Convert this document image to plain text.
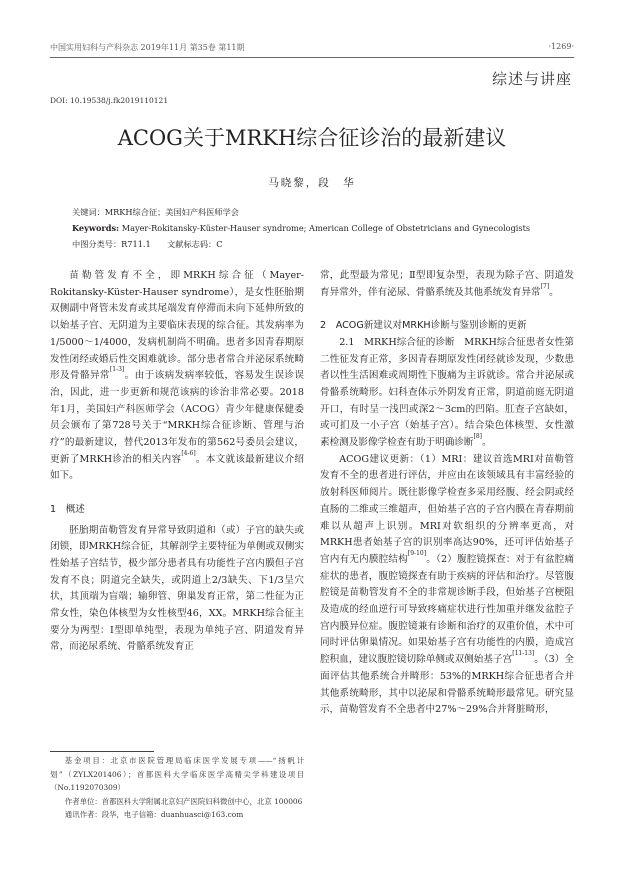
中国实用妇科与产科杂志 2019年11月 第35卷 第11期	·1269·
综述与讲座
DOI: 10.19538/j.fk2019110121
ACOG关于MRKH综合征诊治的最新建议
马晓黎，段　华
关键词：MRKH综合征；美国妇产科医师学会
Keywords: Mayer-Rokitansky-Küster-Hauser syndrome; American College of Obstetricians and Gynecologists
中图分类号：R711.1　　文献标志码：C

苗勒管发育不全，即MRKH综合征（Mayer-Rokitansky-Küster-Hauser syndrome），是女性胚胎期双侧副中肾管未发育或其尾端发育停滞而未向下延伸所致的以始基子宫、无阴道为主要临床表现的综合征。其发病率为1/5000～1/4000，发病机制尚不明确。患者多因青春期原发性闭经或婚后性交困难就诊。部分患者常合并泌尿系统畸形及骨骼异常[1-3]。由于该病发病率较低，容易发生误诊误治，因此，进一步更新和规范该病的诊治非常必要。2018年1月，美国妇产科医师学会（ACOG）青少年健康保健委员会颁布了第728号关于“MRKH综合征诊断、管理与治疗”的最新建议，替代2013年发布的第562号委员会建议，更新了MRKH诊治的相关内容[4-6]。本文就该最新建议介绍如下。

1　概述

胚胎期苗勒管发育异常导致阴道和（或）子宫的缺失或闭锁，即MRKH综合征，其解剖学主要特征为单侧或双侧实性始基子宫结节，极少部分患者具有功能性子宫内膜但子宫发育不良；阴道完全缺失，或阴道上2/3缺失、下1/3呈穴状，其顶端为盲端；输卵管、卵巢发育正常，第二性征为正常女性，染色体核型为女性核型46，XX。MRKH综合征主要分为两型：Ⅰ型即单纯型，表现为单纯子宫、阴道发育异常，而泌尿系统、骨骼系统发育正

常，此型最为常见；Ⅱ型即复杂型，表现为除子宫、阴道发育异常外，伴有泌尿、骨骼系统及其他系统发育异常[7]。

2　ACOG新建议对MRKH诊断与鉴别诊断的更新

2.1　MRKH综合征的诊断　MRKH综合征患者女性第二性征发育正常，多因青春期原发性闭经就诊发现，少数患者以性生活困难或周期性下腹痛为主诉就诊。常合并泌尿或骨骼系统畸形。妇科查体示外阴发育正常，阴道前庭无阴道开口，有时呈一浅凹或深2～3cm的凹陷。肛查子宫缺如，或可扪及一小子宫（始基子宫）。结合染色体核型、女性激素检测及影像学检查有助于明确诊断[8]。

ACOG建议更新：（1）MRI：建议首选MRI对苗勒管发育不全的患者进行评估，并应由在该领域具有丰富经验的放射科医师阅片。既往影像学检查多采用经腹、经会阴或经直肠的二维或三维超声，但始基子宫的子宫内膜在青春期前难以从超声上识别。MRI对软组织的分辨率更高，对MRKH患者始基子宫的识别率高达90%，还可评估始基子宫内有无内膜腔结构[9-10]。（2）腹腔镜探查：对于有盆腔痛症状的患者，腹腔镜探查有助于疾病的评估和治疗。尽管腹腔镜是苗勒管发育不全的非常规诊断手段，但始基子宫梗阻及造成的经血逆行可导致疼痛症状进行性加重并继发盆腔子宫内膜异位症。腹腔镜兼有诊断和治疗的双重价值，术中可同时评估卵巢情况。如果始基子宫有功能性的内膜，造成宫腔积血，建议腹腔镜切除单侧或双侧始基子宫[11-13]。（3）全面评估其他系统合并畸形：53%的MRKH综合征患者合并其他系统畸形，其中以泌尿和骨骼系统畸形最常见。研究显示，苗勒管发育不全患者中27%～29%合并肾脏畸形，

基金项目：北京市医院管理局临床医学发展专项——“扬帆计划”（ZYLX201406）；首都医科大学临床医学高精尖学科建设项目（No.1192070309）

作者单位：首都医科大学附属北京妇产医院妇科微创中心，北京 100006

通讯作者：段华，电子信箱：duanhuasci@163.com
